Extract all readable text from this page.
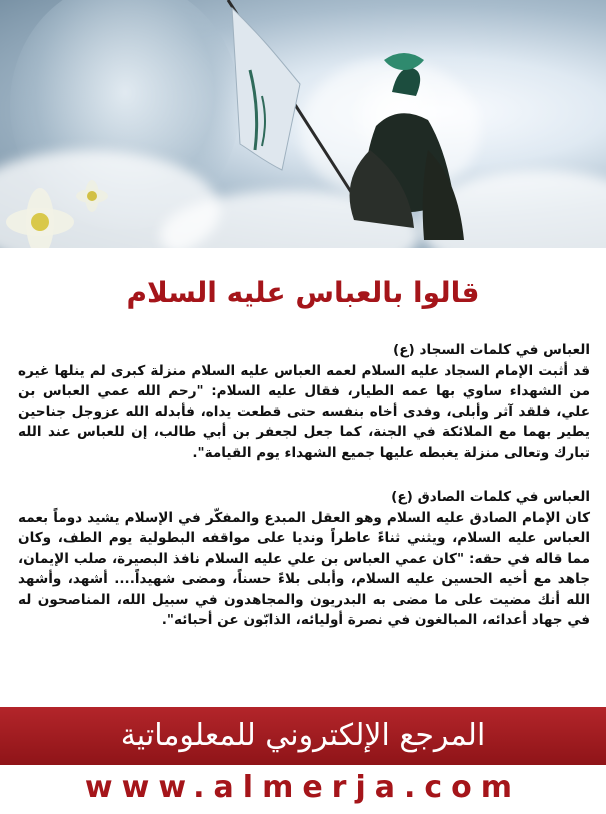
قالوا بالعباس عليه السلام

العباس في كلمات السجاد (ع)

قد أثبت الإمام السجاد عليه السلام لعمه العباس عليه السلام منزلة كبرى لم ينلها غيره من الشهداء ساوي بها عمه الطيار، فقال عليه السلام: "رحم الله عمي العباس بن علي، فلقد آثر وأبلى، وفدى أخاه بنفسه حتى قطعت يداه، فأبدله الله عزوجل جناحين يطير بهما مع الملائكة في الجنة، كما جعل لجعفر بن أبي طالب، إن للعباس عند الله تبارك وتعالى منزلة يغبطه عليها جميع الشهداء يوم القيامة".

العباس في كلمات الصادق (ع)

كان الإمام الصادق عليه السلام وهو العقل المبدع والمفكّر في الإسلام يشيد دوماً بعمه العباس عليه السلام، ويثني ثناءً عاطراً ونديا على مواقفه البطولية يوم الطف، وكان مما قاله في حقه: "كان عمي العباس بن علي عليه السلام نافذ البصيرة، صلب الإيمان، جاهد مع أخيه الحسين عليه السلام، وأبلى بلاءً حسناً، ومضى شهيداً.... أشهد، وأشهد الله أنك مضيت على ما مضى به البدريون والمجاهدون في سبيل الله، المناصحون له في جهاد أعدائه، المبالغون في نصرة أوليائه، الذابّون عن أحبائه".

المرجع الإلكتروني للمعلوماتية
www.almerja.com
